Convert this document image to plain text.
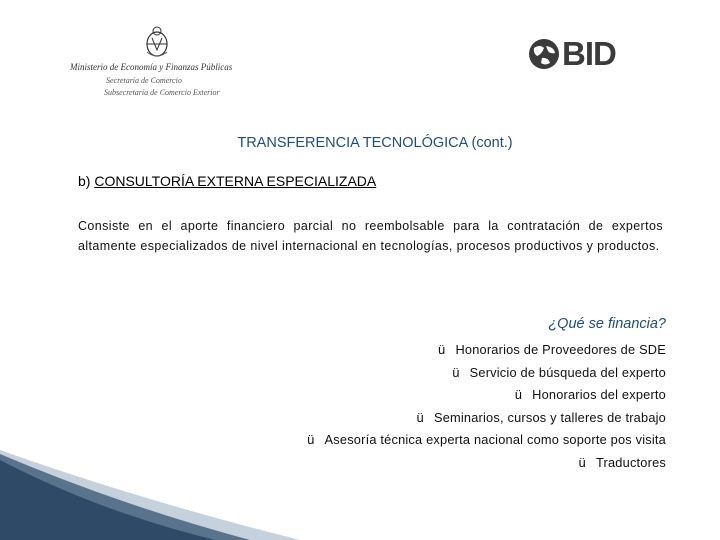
Ministerio de Economía y Finanzas Públicas
Secretaría de Comercio
Subsecretaría de Comercio Exterior
BID
TRANSFERENCIA TECNOLÓGICA (cont.)
b) CONSULTORÍA EXTERNA ESPECIALIZADA
Consiste en el aporte financiero parcial no reembolsable para la contratación de expertos altamente especializados de nivel internacional en tecnologías, procesos productivos y productos.
¿Qué se financia?
ü Honorarios de Proveedores de SDE
ü Servicio de búsqueda del experto
ü Honorarios del experto
ü Seminarios, cursos y talleres de trabajo
ü Asesoría técnica experta nacional como soporte pos visita
ü Traductores
